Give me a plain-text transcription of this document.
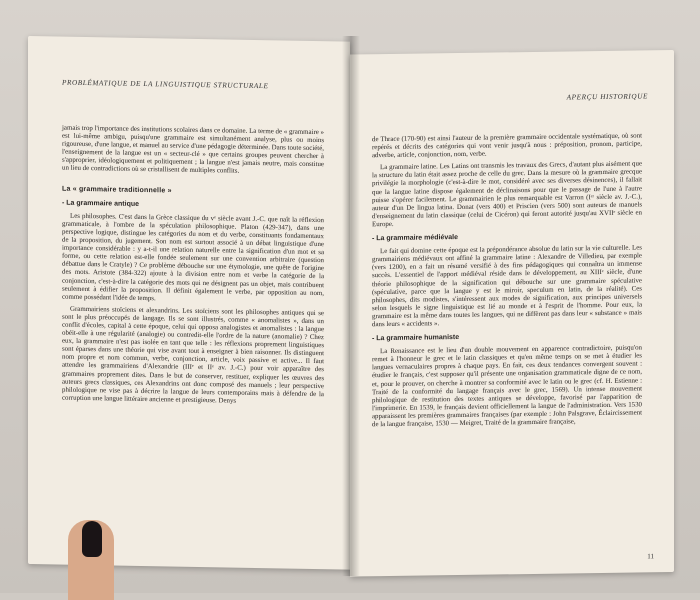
PROBLÉMATIQUE DE LA LINGUISTIQUE STRUCTURALE

jamais trop l'importance des institutions scolaires dans ce domaine. La terme de « grammaire » est lui-même ambigu, puisqu'une grammaire est simultanément analyse, plus ou moins rigoureuse, d'une langue, et manuel au service d'une pédagogie déterminée. Dans toute société, l'enseignement de la langue est un « secteur-clé » que certains groupes peuvent chercher à s'approprier, idéologiquement et politiquement ; la langue n'est jamais neutre, mais constitue un lieu de contradictions où se cristallisent de multiples conflits.

La « grammaire traditionnelle »
- La grammaire antique

Les philosophes. C'est dans la Grèce classique du vᵉ siècle avant J.-C. que naît la réflexion grammaticale, à l'ombre de la spéculation philosophique. Platon (429-347), dans une perspective logique, distingue les catégories du nom et du verbe, constituants fondamentaux de la proposition, du jugement. Son nom est surtout associé à un débat linguistique d'une importance considérable : y a-t-il une relation naturelle entre la signification d'un mot et sa forme, ou cette relation est-elle fondée seulement sur une convention arbitraire (question débattue dans le Cratyle) ? Ce problème débouche sur une étymologie, une quête de l'origine des mots. Aristote (384-322) ajoute à la division entre nom et verbe la catégorie de la conjonction, c'est-à-dire la catégorie des mots qui ne désignent pas un objet, mais contribuent seulement à édifier la proposition. Il définit également le verbe, par opposition au nom, comme possédant l'idée de temps.

Grammairiens stoïciens et alexandrins. Les stoïciens sont les philosophes antiques qui se sont le plus préoccupés de langage. Ils se sont illustrés, comme « anomalistes », dans un conflit d'écoles, capital à cette époque, celui qui opposa analogistes et anomalistes : la langue obéit-elle à une régularité (analogie) ou contredit-elle l'ordre de la nature (anomalie) ? Chez eux, la grammaire n'est pas isolée en tant que telle : les réflexions proprement linguistiques sont éparses dans une théorie qui vise avant tout à enseigner à bien raisonner. Ils distinguent nom propre et nom commun, verbe, conjonction, article, voix passive et active... Il faut attendre les grammairiens d'Alexandrie (IIIᵉ et IIᵉ av. J.-C.) pour voir apparaître des grammaires proprement dites. Dans le but de conserver, restituer, expliquer les œuvres des auteurs grecs classiques, ces Alexandrins ont donc composé des manuels ; leur perspective philologique ne vise pas à décrire la langue de leurs contemporains mais à défendre de la corruption une langue littéraire ancienne et prestigieuse. Denys

APERÇU HISTORIQUE

de Thrace (170-90) est ainsi l'auteur de la première grammaire occidentale systématique, où sont repérés et décrits des catégories qui vont venir jusqu'à nous : préposition, pronom, participe, adverbe, article, conjonction, nom, verbe.

La grammaire latine. Les Latins ont transmis les travaux des Grecs, d'autant plus aisément que la structure du latin était assez proche de celle du grec. Dans la mesure où la grammaire grecque privilégie la morphologie (c'est-à-dire le mot, considéré avec ses diverses désinences), il fallait que la langue latine dispose également de déclinaisons pour que le passage de l'une à l'autre puisse s'opérer facilement. Le grammairien le plus remarquable est Varron (Iᵉʳ siècle av. J.-C.), auteur d'un De lingua latina. Donat (vers 400) et Priscien (vers 500) sont auteurs de manuels d'enseignement du latin classique (celui de Cicéron) qui feront autorité jusqu'au XVIIᵉ siècle en Europe.

- La grammaire médiévale

Le fait qui domine cette époque est la prépondérance absolue du latin sur la vie culturelle. Les grammairiens médiévaux ont affiné la grammaire latine : Alexandre de Villedieu, par exemple (vers 1200), en a fait un résumé versifié à des fins pédagogiques qui connaîtra un immense succès. L'essentiel de l'apport médiéval réside dans le développement, au XIIIᵉ siècle, d'une théorie philosophique de la signification qui débouche sur une grammaire spéculative (spéculative, parce que la langue y est le miroir, speculum en latin, de la réalité). Ces philosophes, dits modistes, s'intéressent aux modes de signification, aux principes universels selon lesquels le signe linguistique est lié au monde et à l'esprit de l'homme. Pour eux, la grammaire est la même dans toutes les langues, qui ne diffèrent pas dans leur « substance » mais dans leurs « accidents ».

- La grammaire humaniste

La Renaissance est le lieu d'un double mouvement en apparence contradictoire, puisqu'on remet à l'honneur le grec et le latin classiques et qu'en même temps on se met à étudier les langues vernaculaires propres à chaque pays. En fait, ces deux tendances convergent souvent : étudier le français, c'est supposer qu'il présente une organisation grammaticale digne de ce nom, et, pour le prouver, on cherche à montrer sa conformité avec le latin ou le grec (cf. H. Estienne : Traité de la conformité du langage français avec le grec, 1569). Un intense mouvement philologique de restitution des textes antiques se développe, favorisé par l'apparition de l'imprimerie. En 1539, le français devient officiellement la langue de l'administration. Vers 1530 apparaissent les premières grammaires françaises (par exemple : John Palsgrave, Éclaircissement de la langue française, 1530 — Meigret, Traité de la grammaire française,

11
